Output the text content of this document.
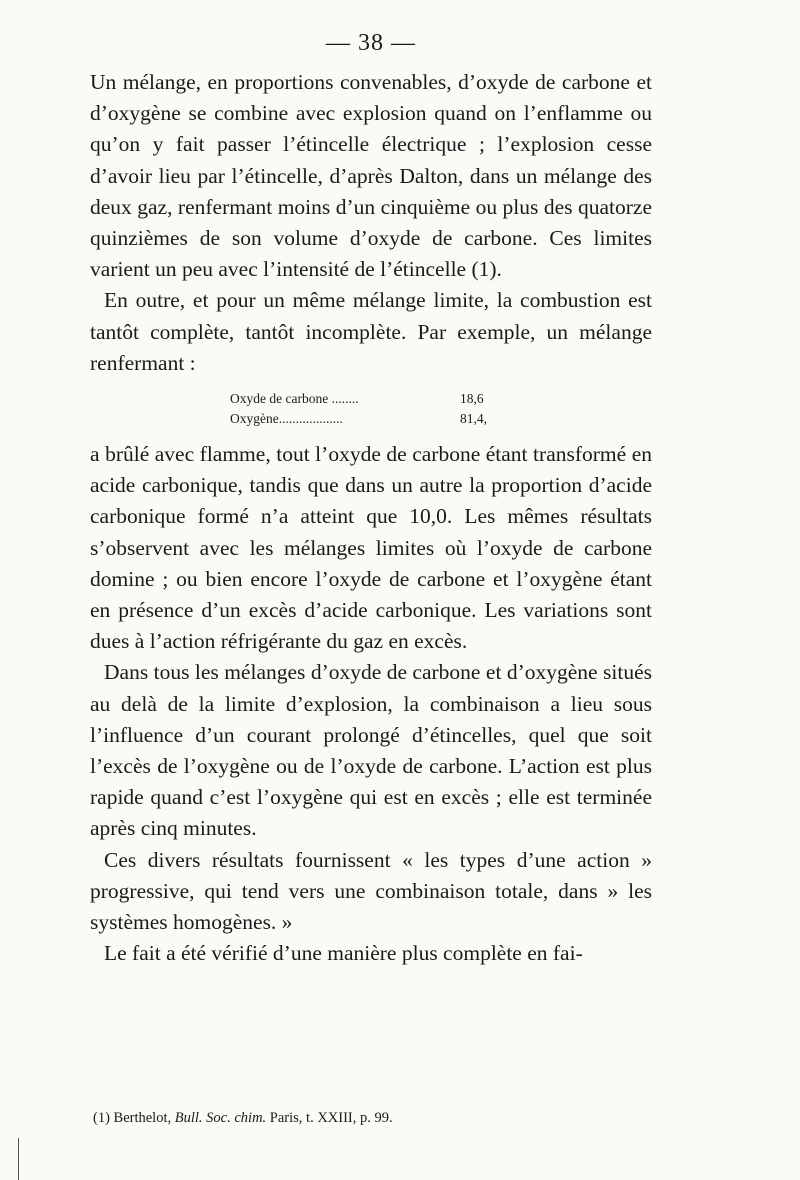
— 38 —

Un mélange, en proportions convenables, d’oxyde de carbone et d’oxygène se combine avec explosion quand on l’enflamme ou qu’on y fait passer l’étincelle électrique ; l’explosion cesse d’avoir lieu par l’étincelle, d’après Dalton, dans un mélange des deux gaz, renfermant moins d’un cinquième ou plus des quatorze quinzièmes de son volume d’oxyde de carbone. Ces limites varient un peu avec l’intensité de l’étincelle (1).

En outre, et pour un même mélange limite, la combustion est tantôt complète, tantôt incomplète. Par exemple, un mélange renfermant :

Oxyde de carbone ........	18,6
Oxygène...................	81,4,

a brûlé avec flamme, tout l’oxyde de carbone étant transformé en acide carbonique, tandis que dans un autre la proportion d’acide carbonique formé n’a atteint que 10,0. Les mêmes résultats s’observent avec les mélanges limites où l’oxyde de carbone domine ; ou bien encore l’oxyde de carbone et l’oxygène étant en présence d’un excès d’acide carbonique. Les variations sont dues à l’action réfrigérante du gaz en excès.

Dans tous les mélanges d’oxyde de carbone et d’oxygène situés au delà de la limite d’explosion, la combinaison a lieu sous l’influence d’un courant prolongé d’étincelles, quel que soit l’excès de l’oxygène ou de l’oxyde de carbone. L’action est plus rapide quand c’est l’oxygène qui est en excès ; elle est terminée après cinq minutes.

Ces divers résultats fournissent « les types d’une action » progressive, qui tend vers une combinaison totale, dans » les systèmes homogènes. »

Le fait a été vérifié d’une manière plus complète en fai-

(1) Berthelot, Bull. Soc. chim. Paris, t. XXIII, p. 99.
